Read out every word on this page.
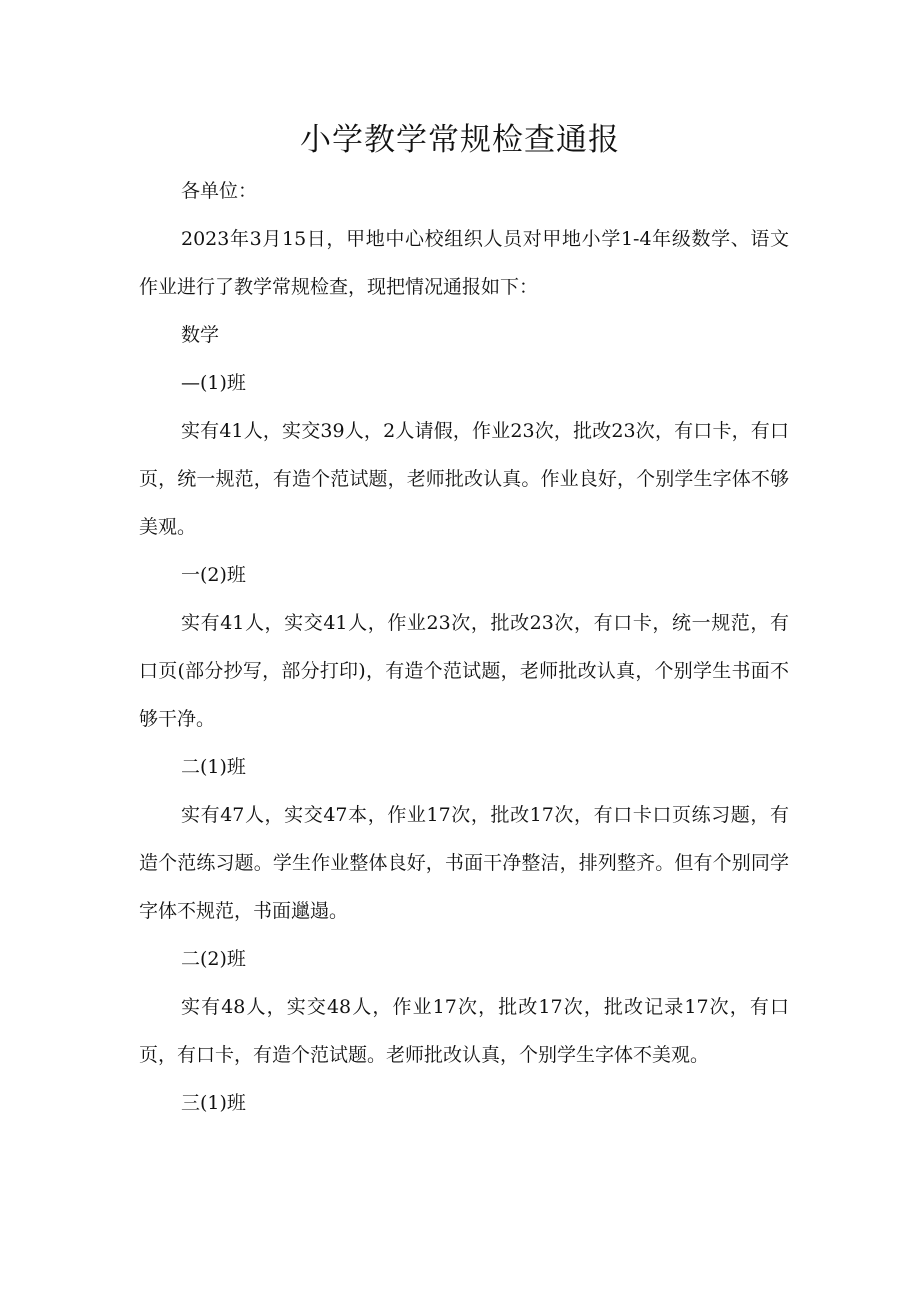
小学教学常规检查通报

各单位：

2023年3月15日，甲地中心校组织人员对甲地小学1-4年级数学、语文作业进行了教学常规检查，现把情况通报如下：

数学

—(1)班

实有41人，实交39人，2人请假，作业23次，批改23次，有口卡，有口页，统一规范，有造个范试题，老师批改认真。作业良好，个别学生字体不够美观。

一(2)班

实有41人，实交41人，作业23次，批改23次，有口卡，统一规范，有口页(部分抄写，部分打印)，有造个范试题，老师批改认真，个别学生书面不够干净。

二(1)班

实有47人，实交47本，作业17次，批改17次，有口卡口页练习题，有造个范练习题。学生作业整体良好，书面干净整洁，排列整齐。但有个别同学字体不规范，书面邋遢。

二(2)班

实有48人，实交48人，作业17次，批改17次，批改记录17次，有口页，有口卡，有造个范试题。老师批改认真，个别学生字体不美观。

三(1)班
